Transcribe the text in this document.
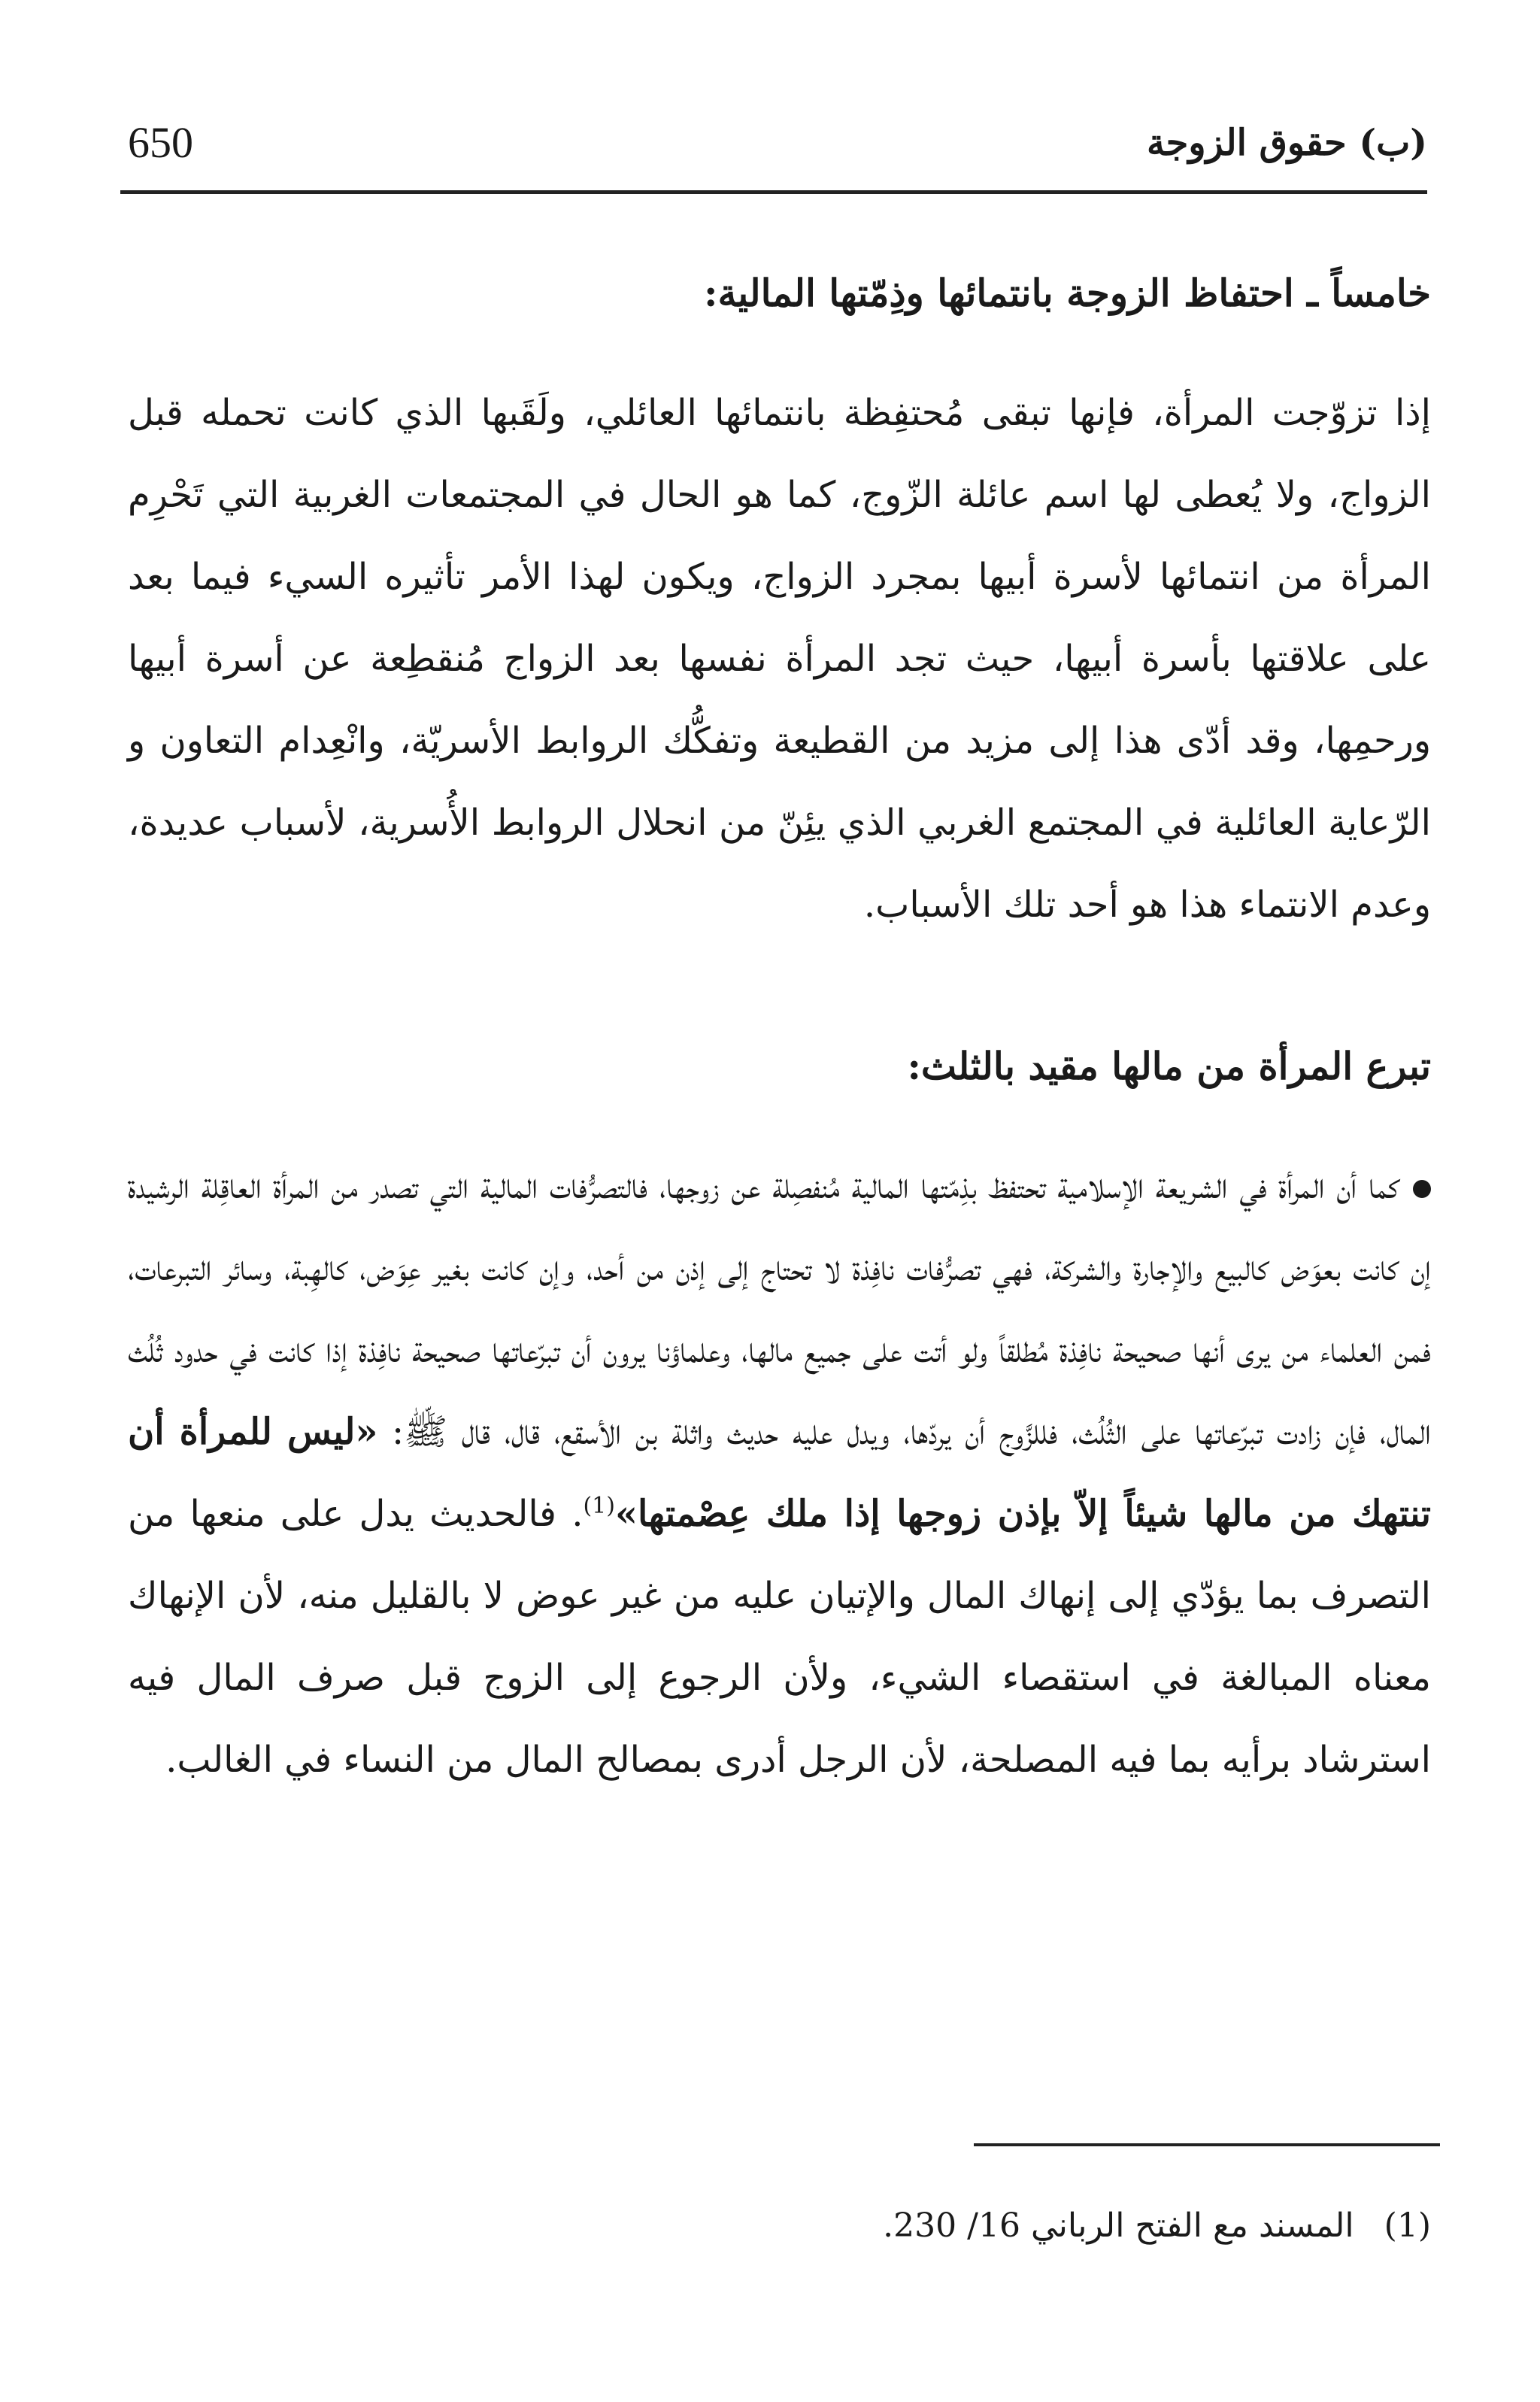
650	(ب) حقوق الزوجة
خامساً ـ احتفاظ الزوجة بانتمائها وذِمّتها المالية:

إذا تزوّجت المرأة، فإنها تبقى مُحتفِظة بانتمائها العائلي، ولَقَبها الذي كانت تحمله قبل الزواج، ولا يُعطى لها اسم عائلة الزّوج، كما هو الحال في المجتمعات الغربية التي تَحْرِم المرأة من انتمائها لأسرة أبيها بمجرد الزواج، ويكون لهذا الأمر تأثيره السيء فيما بعد على علاقتها بأسرة أبيها، حيث تجد المرأة نفسها بعد الزواج مُنقطِعة عن أسرة أبيها ورحمِها، وقد أدّى هذا إلى مزيد من القطيعة وتفكُّك الروابط الأسريّة، وانْعِدام التعاون و الرّعاية العائلية في المجتمع الغربي الذي يئِنّ من انحلال الروابط الأُسرية، لأسباب عديدة، وعدم الانتماء هذا هو أحد تلك الأسباب.

تبرع المرأة من مالها مقيد بالثلث:

كما أن المرأة في الشريعة الإسلامية تحتفظ بذِمّتها المالية مُنفصِلة عن زوجها، فالتصرُّفات المالية التي تصدر من المرأة العاقِلة الرشيدة إن كانت بعوَض كالبيع والإجارة والشركة، فهي تصرُّفات نافِذة لا تحتاج إلى إذن من أحد، وإن كانت بغير عِوَض، كالهِبة، وسائر التبرعات، فمن العلماء من يرى أنها صحيحة نافِذة مُطلقاً ولو أتت على جميع مالها، وعلماؤنا يرون أن تبرّعاتها صحيحة نافِذة إذا كانت في حدود ثُلُث المال، فإن زادت تبرّعاتها على الثُلُث، فللزَّوج أن يردّها، ويدل عليه حديث واثلة بن الأسقع، قال، قال ﷺ: «ليس للمرأة أن تنتهك من مالها شيئاً إلاّ بإذن زوجها إذا ملك عِصْمتها»$^{(1)}$. فالحديث يدل على منعها من التصرف بما يؤدّي إلى إنهاك المال والإتيان عليه من غير عوض لا بالقليل منه، لأن الإنهاك معناه المبالغة في استقصاء الشيء، ولأن الرجوع إلى الزوج قبل صرف المال فيه استرشاد برأيه بما فيه المصلحة، لأن الرجل أدرى بمصالح المال من النساء في الغالب.

(1)المسند مع الفتح الرباني 16/ 230.
